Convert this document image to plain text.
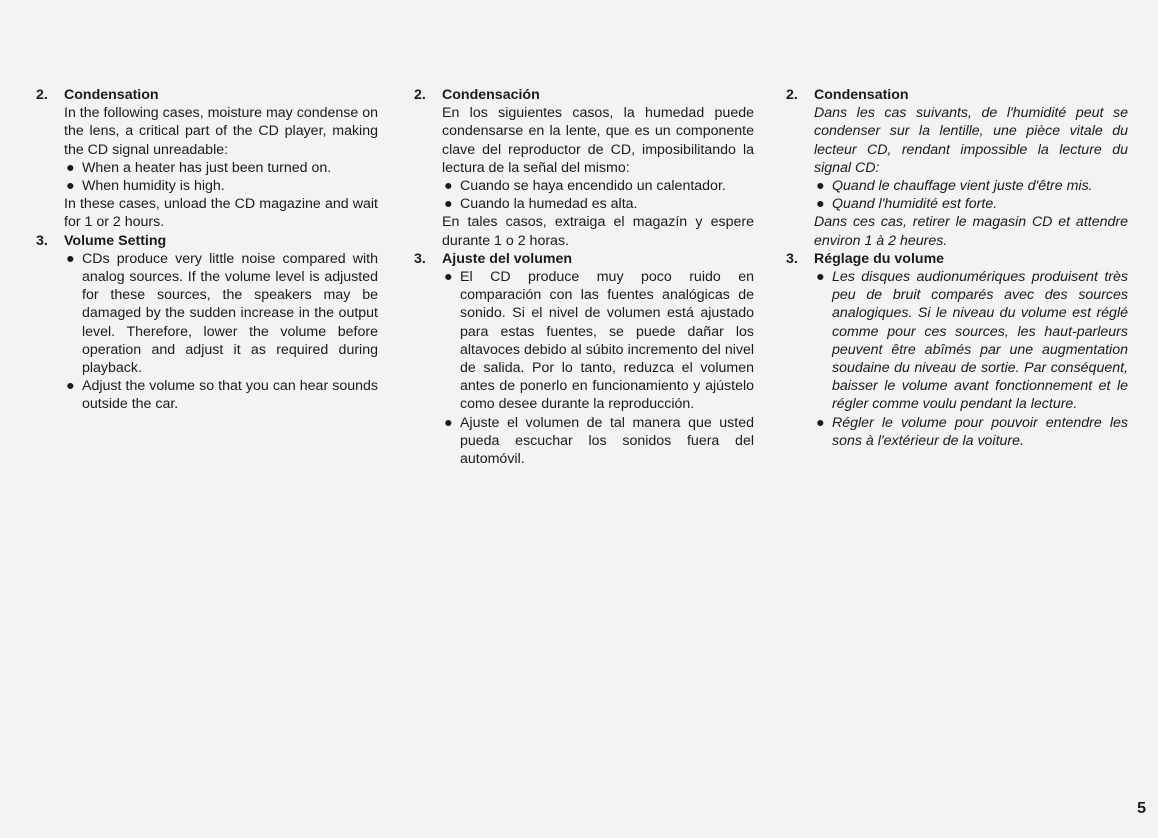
2.	Condensation

In the following cases, moisture may condense on the lens, a critical part of the CD player, making the CD signal unreadable:

● When a heater has just been turned on.
● When humidity is high.

In these cases, unload the CD magazine and wait for 1 or 2 hours.

3.	Volume Setting
● CDs produce very little noise compared with analog sources. If the volume level is adjusted for these sources, the speakers may be damaged by the sudden increase in the output level. Therefore, lower the volume before operation and adjust it as required during playback.
● Adjust the volume so that you can hear sounds outside the car.
2.	Condensación

En los siguientes casos, la humedad puede condensarse en la lente, que es un componente clave del reproductor de CD, imposibilitando la lectura de la señal del mismo:

● Cuando se haya encendido un calentador.
● Cuando la humedad es alta.

En tales casos, extraiga el magazín y espere durante 1 o 2 horas.

3.	Ajuste del volumen
● El CD produce muy poco ruido en comparación con las fuentes analógicas de sonido. Si el nivel de volumen está ajustado para estas fuentes, se puede dañar los altavoces debido al súbito incremento del nivel de salida. Por lo tanto, reduzca el volumen antes de ponerlo en funcionamiento y ajústelo como desee durante la reproducción.
● Ajuste el volumen de tal manera que usted pueda escuchar los sonidos fuera del automóvil.
2.	Condensation

Dans les cas suivants, de l'humidité peut se condenser sur la lentille, une pièce vitale du lecteur CD, rendant impossible la lecture du signal CD:

● Quand le chauffage vient juste d'être mis.
● Quand l'humidité est forte.

Dans ces cas, retirer le magasin CD et attendre environ 1 à 2 heures.

3.	Réglage du volume
● Les disques audionumériques produisent très peu de bruit comparés avec des sources analogiques. Si le niveau du volume est réglé comme pour ces sources, les haut-parleurs peuvent être abîmés par une augmentation soudaine du niveau de sortie. Par conséquent, baisser le volume avant fonctionnement et le régler comme voulu pendant la lecture.
● Régler le volume pour pouvoir entendre les sons à l'extérieur de la voiture.
5
